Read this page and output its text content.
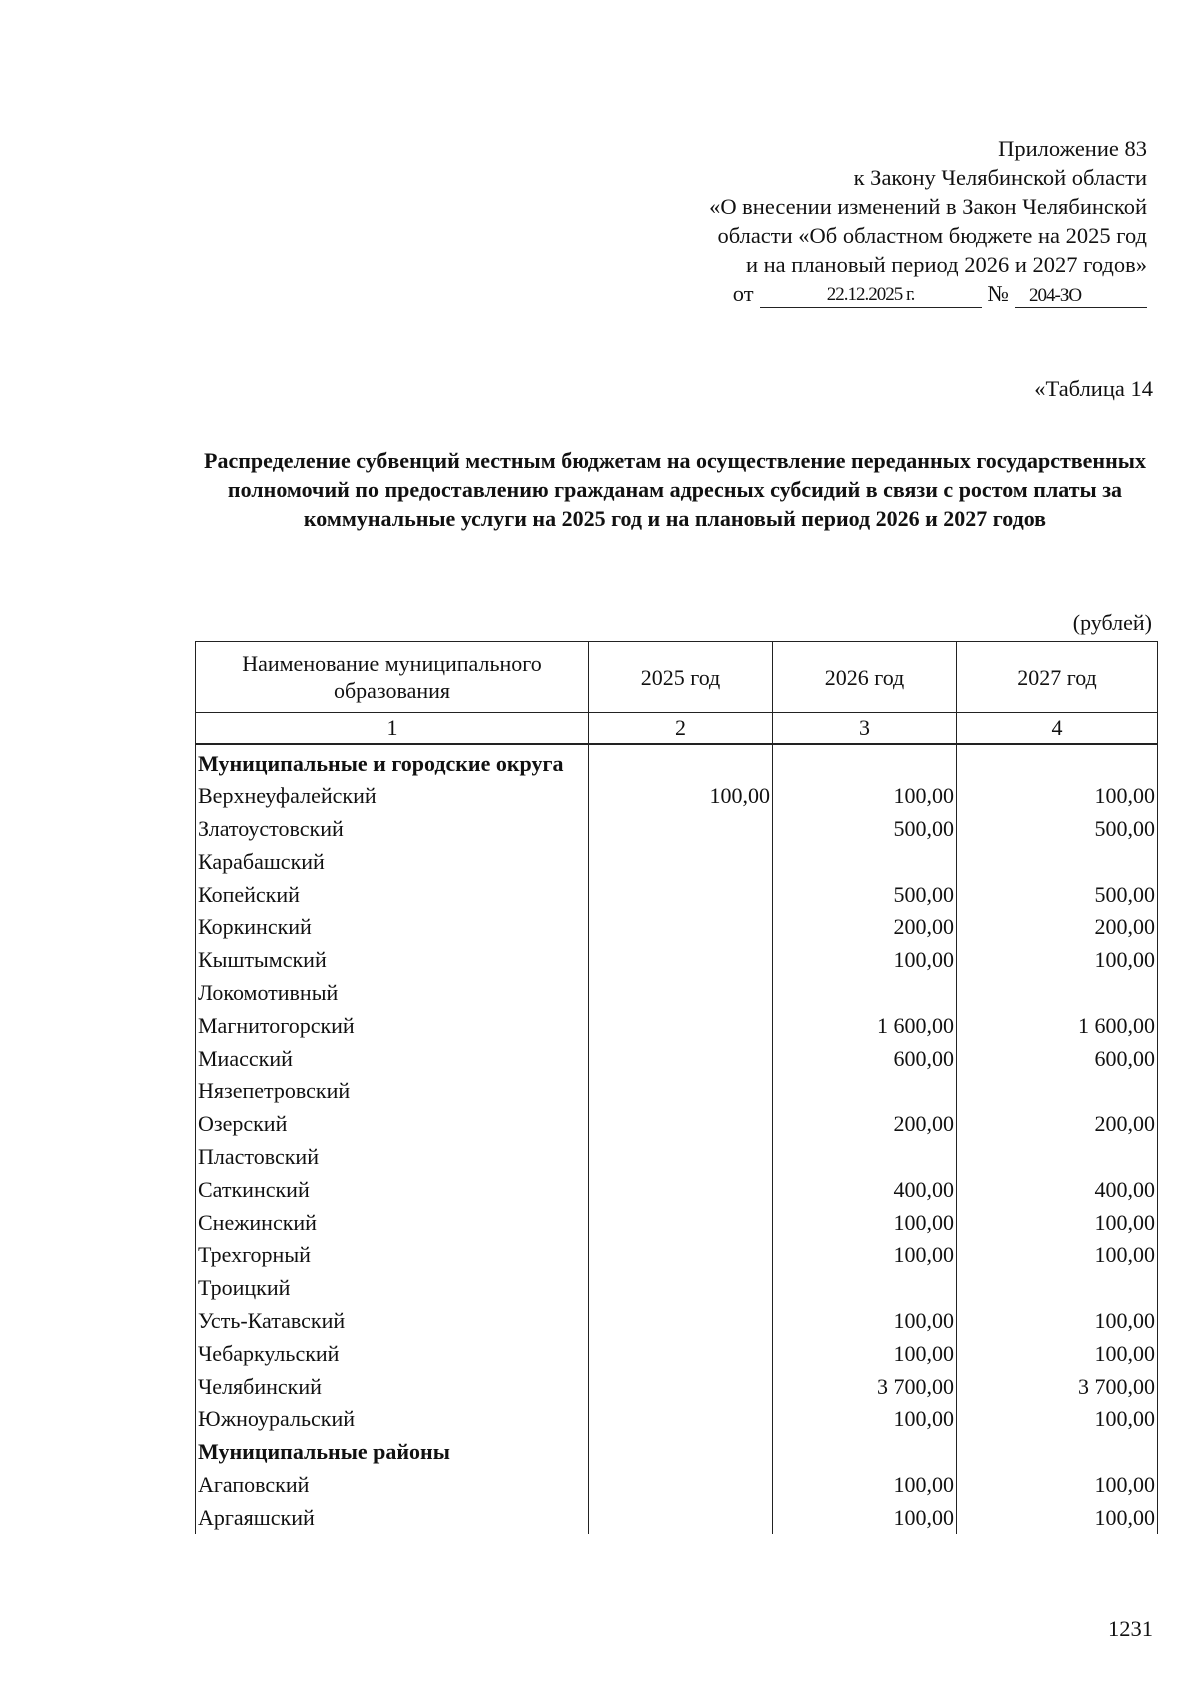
Приложение 83
к Закону Челябинской области
«О внесении изменений в Закон Челябинской
области «Об областном бюджете на 2025 год
и на плановый период 2026 и 2027 годов»
от	22.12.2025 г.	№	204-ЗО
«Таблица 14
Распределение субвенций местным бюджетам на осуществление переданных государственных полномочий по предоставлению гражданам адресных субсидий в связи с ростом платы за коммунальные услуги на 2025 год и на плановый период 2026 и 2027 годов
(рублей)
Наименование муниципального образования	2025 год	2026 год	2027 год
1	2	3	4
Муниципальные и городские округа			
Верхнеуфалейский	100,00	100,00	100,00
Златоустовский		500,00	500,00
Карабашский			
Копейский		500,00	500,00
Коркинский		200,00	200,00
Кыштымский		100,00	100,00
Локомотивный			
Магнитогорский		1 600,00	1 600,00
Миасский		600,00	600,00
Нязепетровский			
Озерский		200,00	200,00
Пластовский			
Саткинский		400,00	400,00
Снежинский		100,00	100,00
Трехгорный		100,00	100,00
Троицкий			
Усть-Катавский		100,00	100,00
Чебаркульский		100,00	100,00
Челябинский		3 700,00	3 700,00
Южноуральский		100,00	100,00
Муниципальные районы			
Агаповский		100,00	100,00
Аргаяшский		100,00	100,00
1231
